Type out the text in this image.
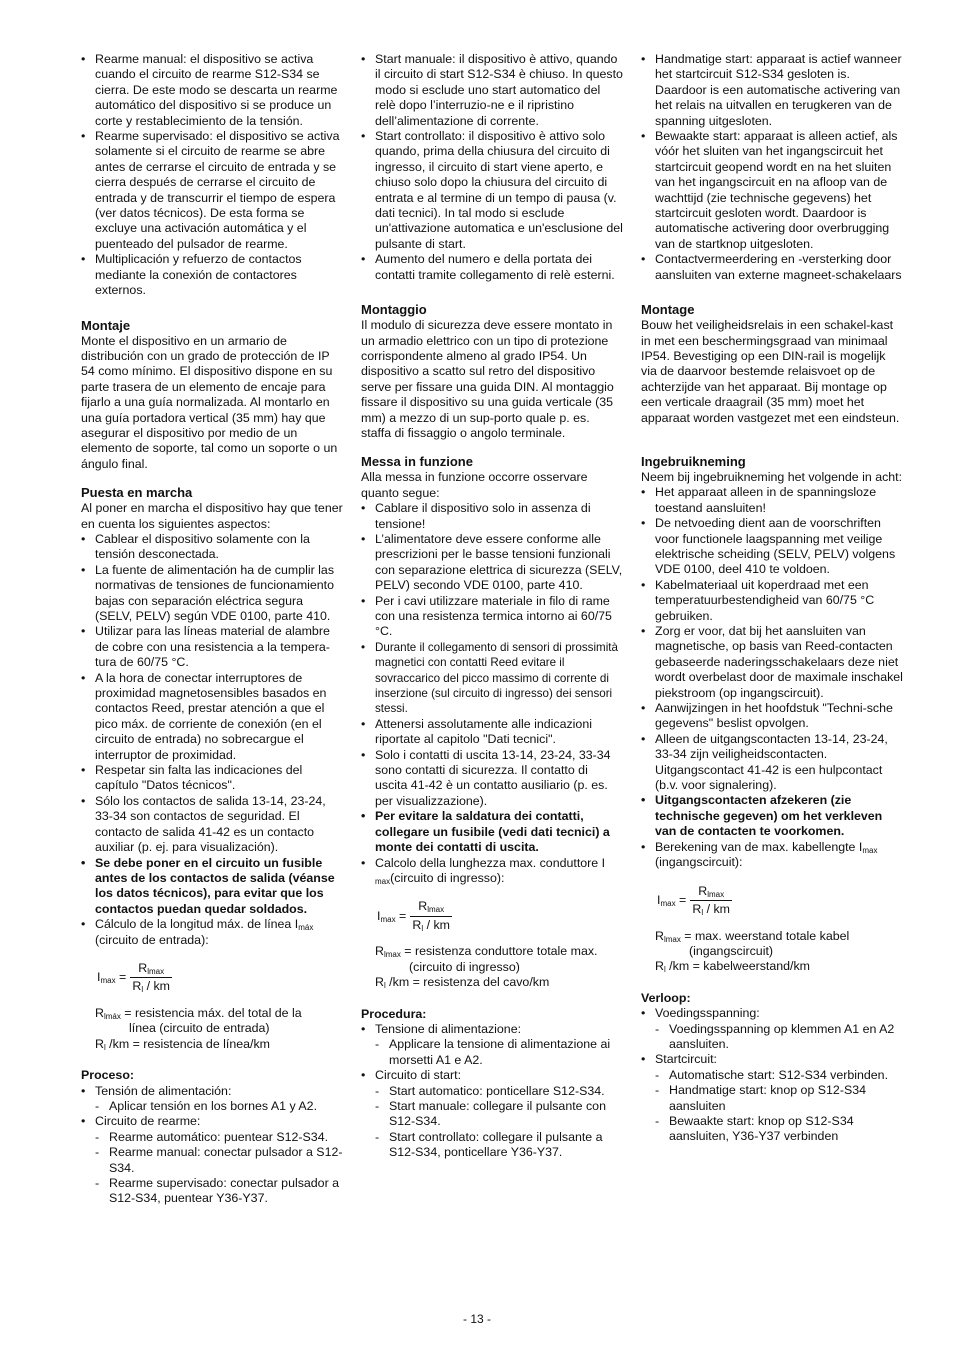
• Rearme manual: el dispositivo se activa cuando el circuito de rearme S12-S34 se cierra. De este modo se descarta un rearme automático del dispositivo si se produce un corte y restablecimiento de la tensión.
• Rearme supervisado: el dispositivo se activa solamente si el circuito de rearme se abre antes de cerrarse el circuito de entrada y se cierra después de cerrarse el circuito de entrada y de transcurrir el tiempo de espera (ver datos técnicos). De esta forma se excluye una activación automática y el puenteado del pulsador de rearme.
• Multiplicación y refuerzo de contactos mediante la conexión de contactores externos.
Montaje

Monte el dispositivo en un armario de distribución con un grado de protección de IP 54 como mínimo. El dispositivo dispone en su parte trasera de un elemento de encaje para fijarlo a una guía normalizada. Al montarlo en una guía portadora vertical (35 mm) hay que asegurar el dispositivo por medio de un elemento de soporte, tal como un soporte o un ángulo final.

Puesta en marcha

Al poner en marcha el dispositivo hay que tener en cuenta los siguientes aspectos:

• Cablear el dispositivo solamente con la tensión desconectada.
• La fuente de alimentación ha de cumplir las normativas de tensiones de funcionamiento bajas con separación eléctrica segura (SELV, PELV) según VDE 0100, parte 410.
• Utilizar para las líneas material de alambre de cobre con una resistencia a la tempera-tura de 60/75 °C.
• A la hora de conectar interruptores de proximidad magnetosensibles basados en contactos Reed, prestar atención a que el pico máx. de corriente de conexión (en el circuito de entrada) no sobrecargue el interruptor de proximidad.
• Respetar sin falta las indicaciones del capítulo "Datos técnicos".
• Sólo los contactos de salida 13-14, 23-24, 33-34 son contactos de seguridad. El contacto de salida 41-42 es un contacto auxiliar (p. ej. para visualización).
• Se debe poner en el circuito un fusible antes de los contactos de salida (véanse los datos técnicos), para evitar que los contactos puedan quedar soldados.
• Cálculo de la longitud máx. de línea $I_{máx}$
(circuito de entrada):
$I_{max} = \frac{R_{lmax}}{R_l / km}$
$R_{lmáx}$ = resistencia máx. del total de la
línea (circuito de entrada)
$R_l$ /km = resistencia de línea/km

Proceso:

• Tensión de alimentación:
- Aplicar tensión en los bornes A1 y A2.
• Circuito de rearme:
- Rearme automático: puentear S12-S34.
- Rearme manual: conectar pulsador a S12-S34.
- Rearme supervisado: conectar pulsador a S12-S34, puentear Y36-Y37.
• Start manuale: il dispositivo è attivo, quando il circuito di start S12-S34 è chiuso. In questo modo si esclude uno start automatico del relè dopo l’interruzio-ne e il ripristino dell’alimentazione di corrente.
• Start controllato: il dispositivo è attivo solo quando, prima della chiusura del circuito di ingresso, il circuito di start viene aperto, e chiuso solo dopo la chiusura del circuito di entrata e al termine di un tempo di pausa (v. dati tecnici). In tal modo si esclude un'attivazione automatica e un'esclusione del pulsante di start.
• Aumento del numero e della portata dei contatti tramite collegamento di relè esterni.
Montaggio

Il modulo di sicurezza deve essere montato in un armadio elettrico con un tipo di protezione corrispondente almeno al grado IP54. Un dispositivo a scatto sul retro del dispositivo serve per fissare una guida DIN. Al montaggio fissare il dispositivo su una guida verticale (35 mm) a mezzo di un sup-porto quale p. es. staffa di fissaggio o angolo terminale.

Messa in funzione

Alla messa in funzione occorre osservare quanto segue:

• Cablare il dispositivo solo in assenza di tensione!
• L’alimentatore deve essere conforme alle prescrizioni per le basse tensioni funzionali con separazione elettrica di sicurezza (SELV, PELV) secondo VDE 0100, parte 410.
• Per i cavi utilizzare materiale in filo di rame con una resistenza termica intorno ai 60/75 °C.
• Durante il collegamento di sensori di prossimità magnetici con contatti Reed evitare il sovraccarico del picco massimo di corrente di inserzione (sul circuito di ingresso) dei sensori stessi.
• Attenersi assolutamente alle indicazioni riportate al capitolo "Dati tecnici".
• Solo i contatti di uscita 13-14, 23-24, 33-34 sono contatti di sicurezza. Il contatto di uscita 41-42 è un contatto ausiliario (p. es. per visualizzazione).
• Per evitare la saldatura dei contatti, collegare un fusibile (vedi dati tecnici) a monte dei contatti di uscita.
• Calcolo della lunghezza max. conduttore I
$_{max}$(circuito di ingresso):
$I_{max} = \frac{R_{lmax}}{R_l / km}$
$R_{lmax}$ = resistenza conduttore totale max.
(circuito di ingresso)
$R_l$ /km = resistenza del cavo/km

Procedura:

• Tensione di alimentazione:
- Applicare la tensione di alimentazione ai morsetti A1 e A2.
• Circuito di start:
- Start automatico: ponticellare S12-S34.
- Start manuale: collegare il pulsante con S12-S34.
- Start controllato: collegare il pulsante a S12-S34, ponticellare Y36-Y37.
• Handmatige start: apparaat is actief wanneer het startcircuit S12-S34 gesloten is. Daardoor is een automatische activering van het relais na uitvallen en terugkeren van de spanning uitgesloten.
• Bewaakte start: apparaat is alleen actief, als vóór het sluiten van het ingangscircuit het startcircuit geopend wordt en na het sluiten van het ingangscircuit en na afloop van de wachttijd (zie technische gegevens) het startcircuit gesloten wordt. Daardoor is automatische activering door overbrugging van de startknop uitgesloten.
• Contactvermeerdering en -versterking door aansluiten van externe magneet-schakelaars
Montage

Bouw het veiligheidsrelais in een schakel-kast in met een beschermingsgraad van minimaal IP54. Bevestiging op een DIN-rail is mogelijk via de daarvoor bestemde relaisvoet op de achterzijde van het apparaat. Bij montage op een verticale draagrail (35 mm) moet het apparaat worden vastgezet met een eindsteun.

Ingebruikneming

Neem bij ingebruikneming het volgende in acht:

• Het apparaat alleen in de spanningsloze toestand aansluiten!
• De netvoeding dient aan de voorschriften voor functionele laagspanning met veilige elektrische scheiding (SELV, PELV) volgens VDE 0100, deel 410 te voldoen.
• Kabelmateriaal uit koperdraad met een temperatuurbestendigheid van 60/75 °C gebruiken.
• Zorg er voor, dat bij het aansluiten van magnetische, op basis van Reed-contacten gebaseerde naderingsschakelaars deze niet wordt overbelast door de maximale inschakel piekstroom (op ingangscircuit).
• Aanwijzingen in het hoofdstuk "Techni-sche gegevens" beslist opvolgen.
• Alleen de uitgangscontacten 13-14, 23-24, 33-34 zijn veiligheidscontacten. Uitgangscontact 41-42 is een hulpcontact (b.v. voor signalering).
• Uitgangscontacten afzekeren (zie technische gegeven) om het verkleven van de contacten te voorkomen.
• Berekening van de max. kabellengte $I_{max}$
(ingangscircuit):
$I_{max} = \frac{R_{lmax}}{R_l / km}$
$R_{lmax} = \max$. weerstand totale kabel
(ingangscircuit)
$R_l$ /km = kabelweerstand/km

Verloop:

• Voedingsspanning:
- Voedingsspanning op klemmen A1 en A2 aansluiten.
• Startcircuit:
- Automatische start: S12-S34 verbinden.
- Handmatige start: knop op S12-S34 aansluiten
- Bewaakte start: knop op S12-S34 aansluiten, Y36-Y37 verbinden
- 13 -
